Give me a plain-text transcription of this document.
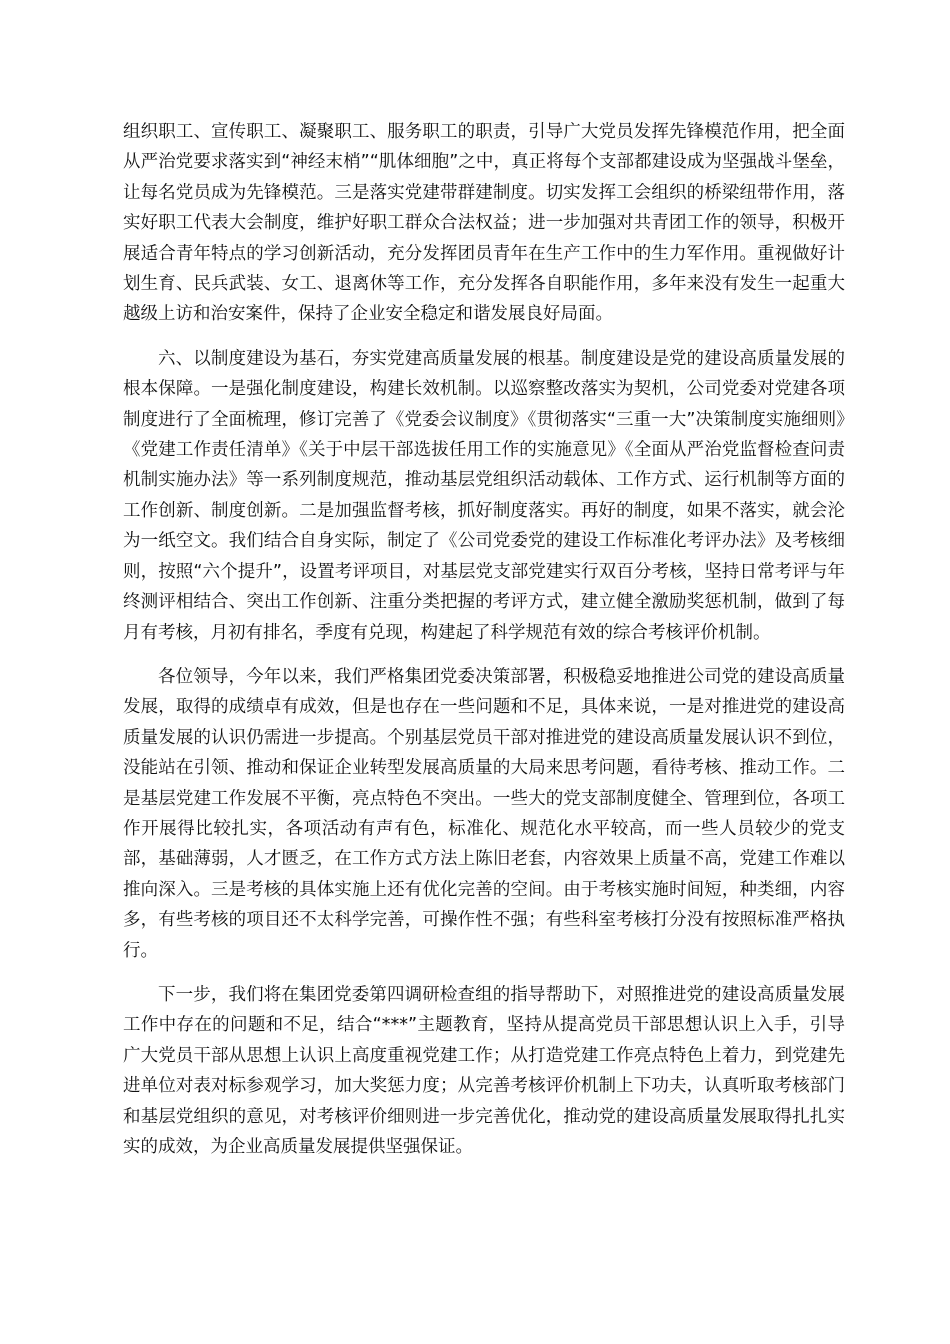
组织职工、宣传职工、凝聚职工、服务职工的职责，引导广大党员发挥先锋模范作用，把全面从严治党要求落实到“神经末梢”“肌体细胞”之中，真正将每个支部都建设成为坚强战斗堡垒，让每名党员成为先锋模范。三是落实党建带群建制度。切实发挥工会组织的桥梁纽带作用，落实好职工代表大会制度，维护好职工群众合法权益；进一步加强对共青团工作的领导，积极开展适合青年特点的学习创新活动，充分发挥团员青年在生产工作中的生力军作用。重视做好计划生育、民兵武装、女工、退离休等工作，充分发挥各自职能作用，多年来没有发生一起重大越级上访和治安案件，保持了企业安全稳定和谐发展良好局面。

六、以制度建设为基石，夯实党建高质量发展的根基。制度建设是党的建设高质量发展的根本保障。一是强化制度建设，构建长效机制。以巡察整改落实为契机，公司党委对党建各项制度进行了全面梳理，修订完善了《党委会议制度》《贯彻落实“三重一大”决策制度实施细则》《党建工作责任清单》《关于中层干部选拔任用工作的实施意见》《全面从严治党监督检查问责机制实施办法》等一系列制度规范，推动基层党组织活动载体、工作方式、运行机制等方面的工作创新、制度创新。二是加强监督考核，抓好制度落实。再好的制度，如果不落实，就会沦为一纸空文。我们结合自身实际，制定了《公司党委党的建设工作标准化考评办法》及考核细则，按照“六个提升”，设置考评项目，对基层党支部党建实行双百分考核，坚持日常考评与年终测评相结合、突出工作创新、注重分类把握的考评方式，建立健全激励奖惩机制，做到了每月有考核，月初有排名，季度有兑现，构建起了科学规范有效的综合考核评价机制。

各位领导，今年以来，我们严格集团党委决策部署，积极稳妥地推进公司党的建设高质量发展，取得的成绩卓有成效，但是也存在一些问题和不足，具体来说，一是对推进党的建设高质量发展的认识仍需进一步提高。个别基层党员干部对推进党的建设高质量发展认识不到位，没能站在引领、推动和保证企业转型发展高质量的大局来思考问题，看待考核、推动工作。二是基层党建工作发展不平衡，亮点特色不突出。一些大的党支部制度健全、管理到位，各项工作开展得比较扎实，各项活动有声有色，标准化、规范化水平较高，而一些人员较少的党支部，基础薄弱，人才匮乏，在工作方式方法上陈旧老套，内容效果上质量不高，党建工作难以推向深入。三是考核的具体实施上还有优化完善的空间。由于考核实施时间短，种类细，内容多，有些考核的项目还不太科学完善，可操作性不强；有些科室考核打分没有按照标准严格执行。

下一步，我们将在集团党委第四调研检查组的指导帮助下，对照推进党的建设高质量发展工作中存在的问题和不足，结合“***”主题教育，坚持从提高党员干部思想认识上入手，引导广大党员干部从思想上认识上高度重视党建工作；从打造党建工作亮点特色上着力，到党建先进单位对表对标参观学习，加大奖惩力度；从完善考核评价机制上下功夫，认真听取考核部门和基层党组织的意见，对考核评价细则进一步完善优化，推动党的建设高质量发展取得扎扎实实的成效，为企业高质量发展提供坚强保证。
